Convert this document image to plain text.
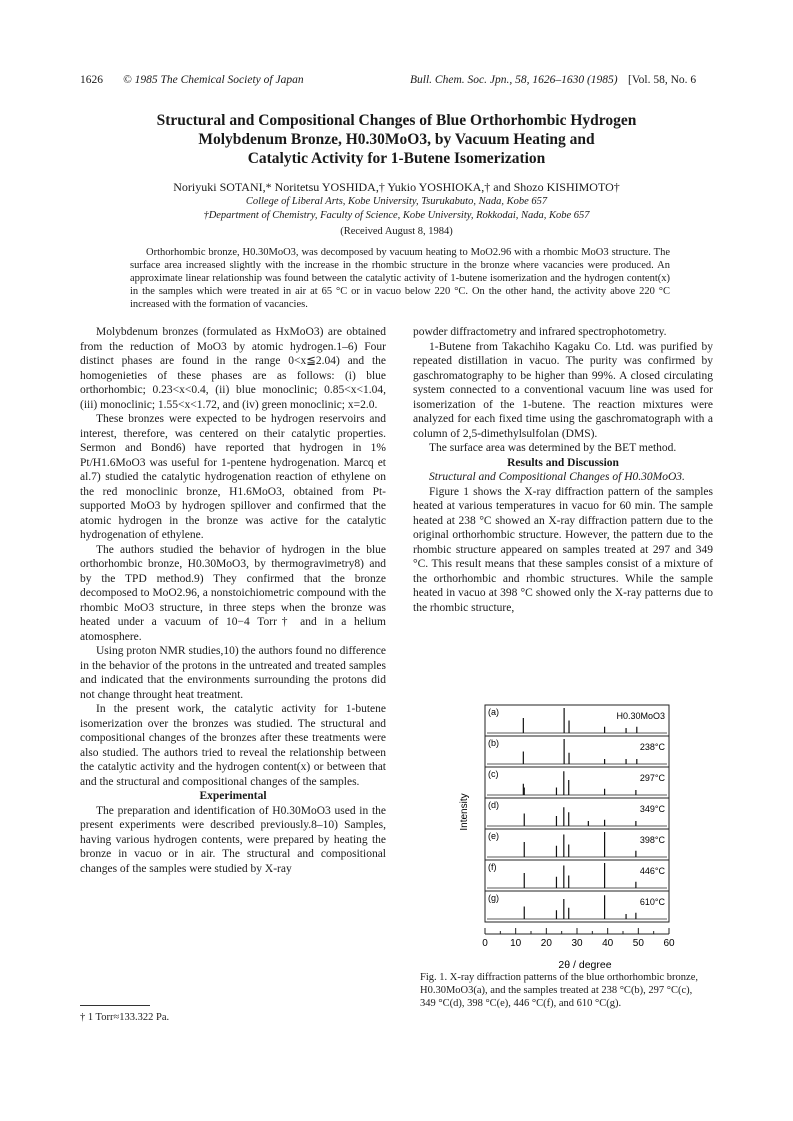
1626 © 1985 The Chemical Society of Japan	Bull. Chem. Soc. Jpn., 58, 1626–1630 (1985) [Vol. 58, No. 6
Structural and Compositional Changes of Blue Orthorhombic Hydrogen
Molybdenum Bronze, H0.30MoO3, by Vacuum Heating and
Catalytic Activity for 1-Butene Isomerization
Noriyuki SOTANI,* Noritetsu YOSHIDA,† Yukio YOSHIOKA,† and Shozo KISHIMOTO†
College of Liberal Arts, Kobe University, Tsurukabuto, Nada, Kobe 657
†Department of Chemistry, Faculty of Science, Kobe University, Rokkodai, Nada, Kobe 657
(Received August 8, 1984)
Orthorhombic bronze, H0.30MoO3, was decomposed by vacuum heating to MoO2.96 with a rhombic MoO3 structure. The surface area increased slightly with the increase in the rhombic structure in the bronze where vacancies were produced. An approximate linear relationship was found between the catalytic activity of 1-butene isomerization and the hydrogen content(x) in the samples which were treated in air at 65 °C or in vacuo below 220 °C. On the other hand, the activity above 220 °C increased with the formation of vacancies.

Molybdenum bronzes (formulated as HxMoO3) are obtained from the reduction of MoO3 by atomic hydrogen.1–6) Four distinct phases are found in the range 0<x≦2.04) and the homogenieties of these phases are as follows: (i) blue orthorhombic; 0.23<x<0.4, (ii) blue monoclinic; 0.85<x<1.04, (iii) monoclinic; 1.55<x<1.72, and (iv) green monoclinic; x=2.0.

These bronzes were expected to be hydrogen reservoirs and interest, therefore, was centered on their catalytic properties. Sermon and Bond6) have reported that hydrogen in 1% Pt/H1.6MoO3 was useful for 1-pentene hydrogenation. Marcq et al.7) studied the catalytic hydrogenation reaction of ethylene on the red monoclinic bronze, H1.6MoO3, obtained from Pt-supported MoO3 by hydrogen spillover and confirmed that the atomic hydrogen in the bronze was active for the catalytic hydrogenation of ethylene.

The authors studied the behavior of hydrogen in the blue orthorhombic bronze, H0.30MoO3, by thermogravimetry8) and by the TPD method.9) They confirmed that the bronze decomposed to MoO2.96, a nonstoichiometric compound with the rhombic MoO3 structure, in three steps when the bronze was heated under a vacuum of 10−4 Torr† and in a helium atomosphere.

Using proton NMR studies,10) the authors found no difference in the behavior of the protons in the untreated and treated samples and indicated that the environments surrounding the protons did not change throught heat treatment.

In the present work, the catalytic activity for 1-butene isomerization over the bronzes was studied. The structural and compositional changes of the bronzes after these treatments were also studied. The authors tried to reveal the relationship between the catalytic activity and the hydrogen content(x) or between that and the structural and compositional changes of the samples.

Experimental

The preparation and identification of H0.30MoO3 used in the present experiments were described previously.8–10) Samples, having various hydrogen contents, were prepared by heating the bronze in vacuo or in air. The structural and compositional changes of the samples were studied by X-ray

† 1 Torr≈133.322 Pa.

powder diffractometry and infrared spectrophotometry.

1-Butene from Takachiho Kagaku Co. Ltd. was purified by repeated distillation in vacuo. The purity was confirmed by gaschromatography to be higher than 99%. A closed circulating system connected to a conventional vacuum line was used for isomerization of the 1-butene. The reaction mixtures were analyzed for each fixed time using the gaschromatograph with a column of 2,5-dimethylsulfolan (DMS).

The surface area was determined by the BET method.

Results and Discussion

Structural and Compositional Changes of H0.30MoO3.

Figure 1 shows the X-ray diffraction pattern of the samples heated at various temperatures in vacuo for 60 min. The sample heated at 238 °C showed an X-ray diffraction pattern due to the original orthorhombic structure. However, the pattern due to the rhombic structure appeared on samples treated at 297 and 349 °C. This result means that these samples consist of a mixture of the orthorhombic and rhombic structures. While the sample heated in vacuo at 398 °C showed only the X-ray patterns due to the rhombic structure,

(a)	H0.30MoO3
(b)	238°C
(c)	297°C
(d)	349°C
(e)	398°C
(f)	446°C
(g)	610°C
0 10 20 30 40 50 60
Intensity
2θ / degree
Fig. 1. X-ray diffraction patterns of the blue orthorhombic bronze, H0.30MoO3(a), and the samples treated at 238 °C(b), 297 °C(c), 349 °C(d), 398 °C(e), 446 °C(f), and 610 °C(g).
